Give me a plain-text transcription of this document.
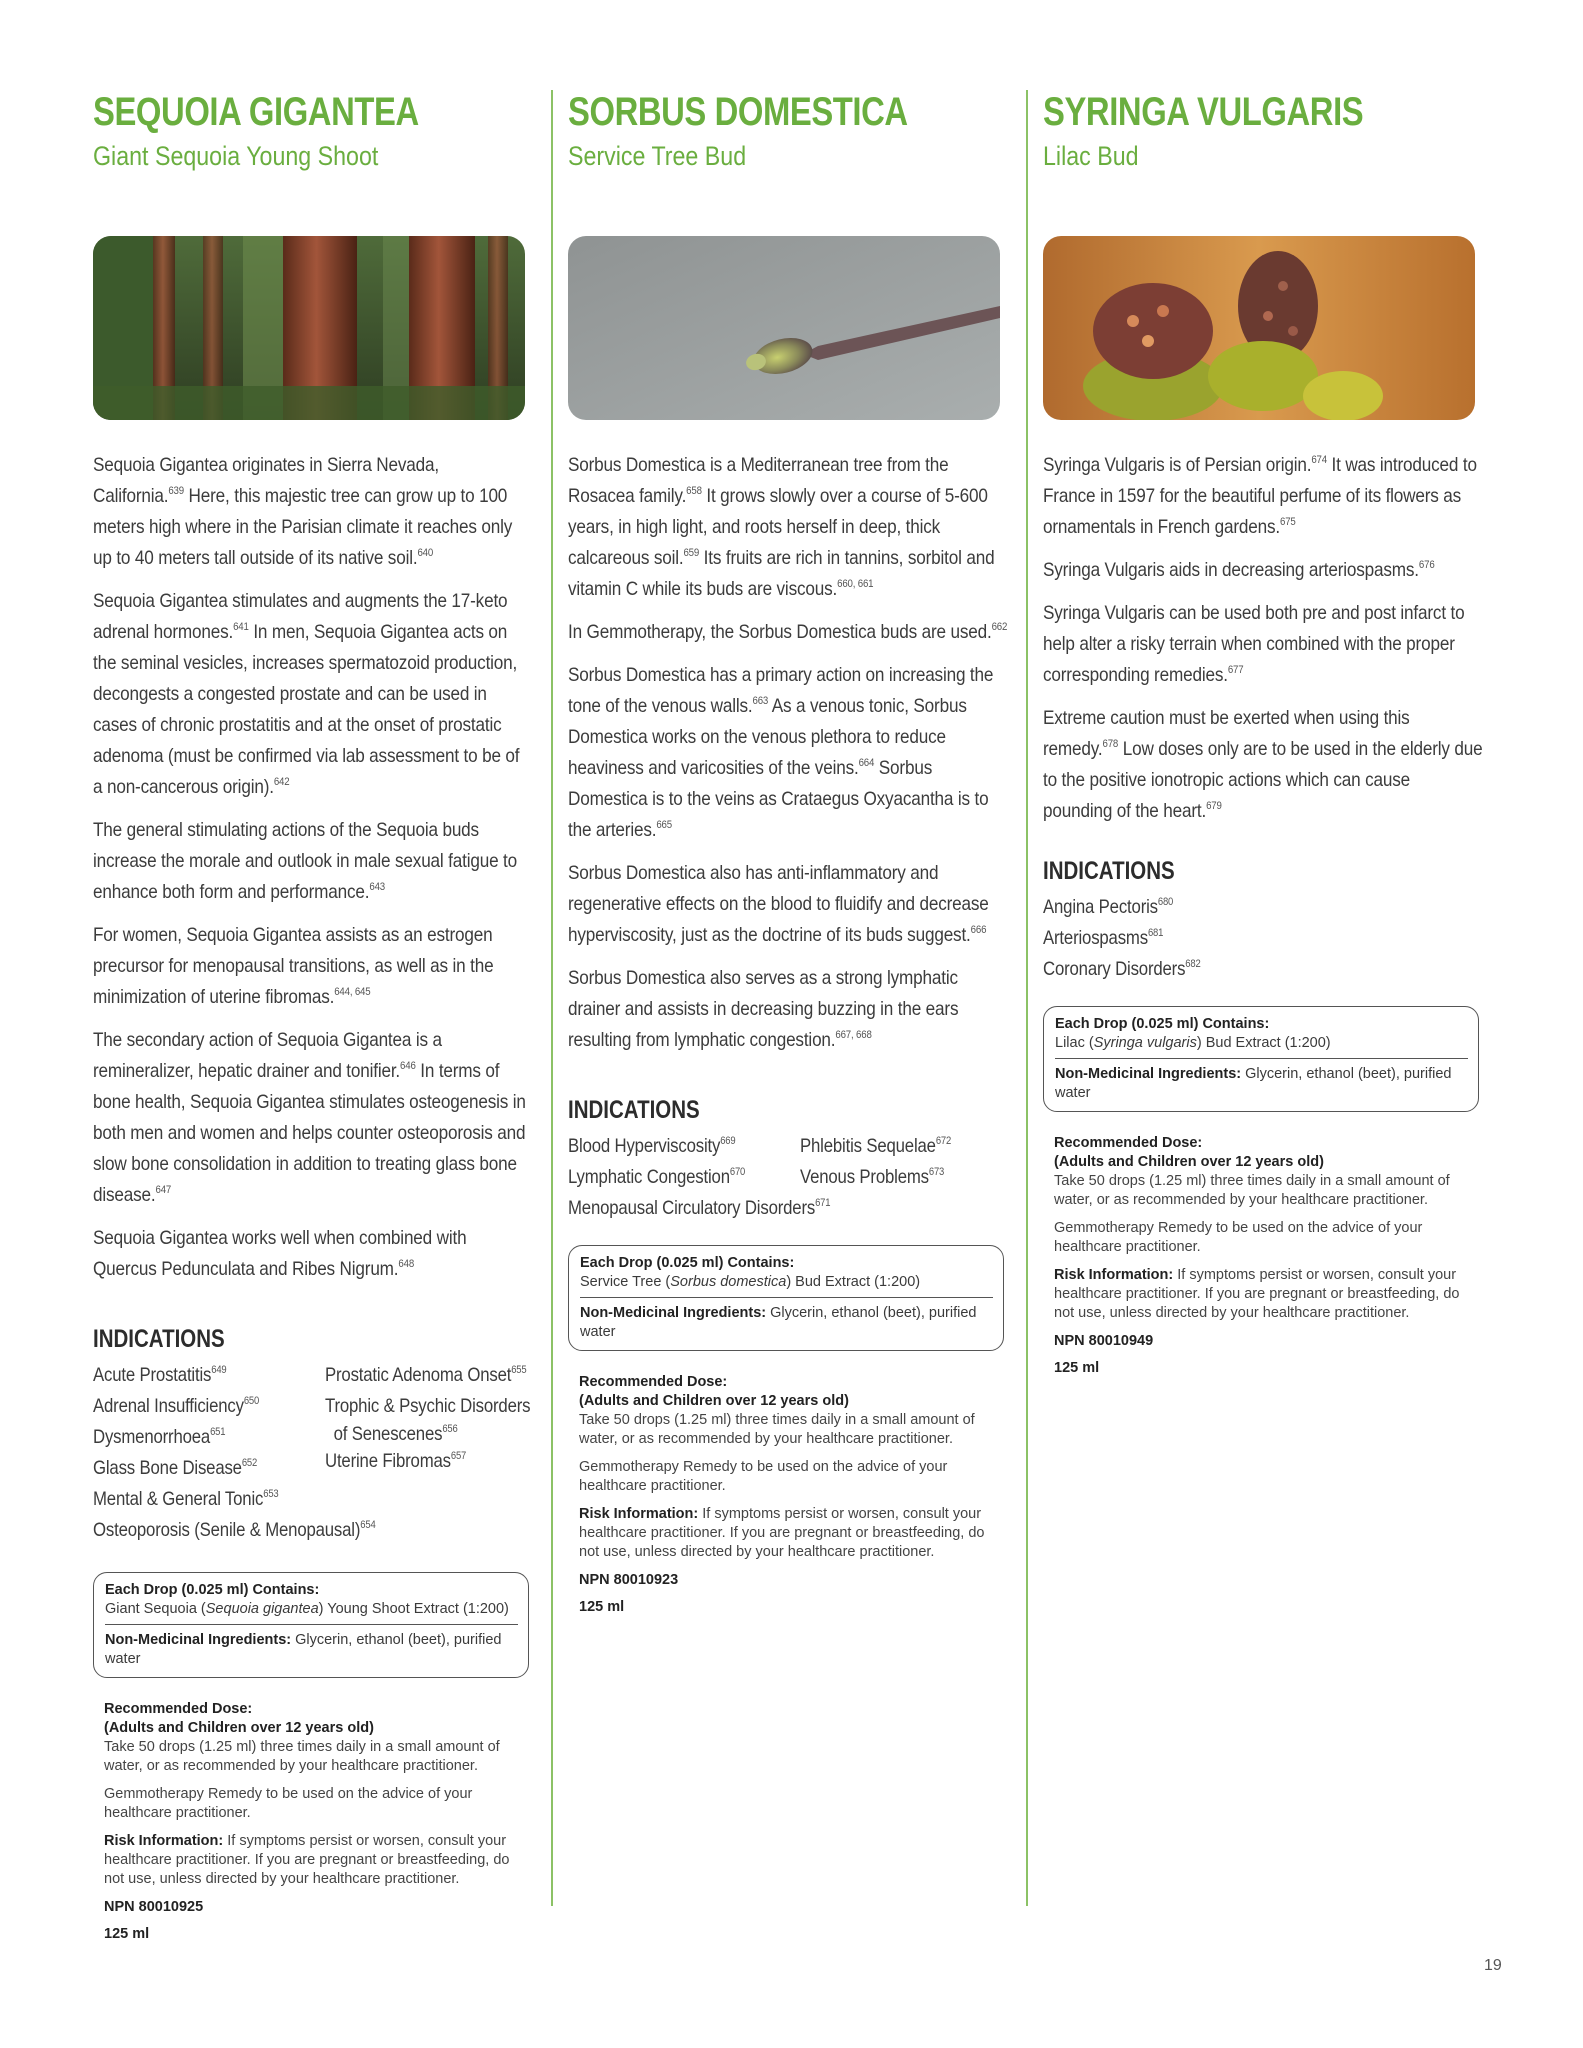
SEQUOIA GIGANTEA
Giant Sequoia Young Shoot

Sequoia Gigantea originates in Sierra Nevada, California.$^{639}$ Here, this majestic tree can grow up to 100 meters high where in the Parisian climate it reaches only up to 40 meters tall outside of its native soil.$^{640}$

Sequoia Gigantea stimulates and augments the 17-keto adrenal hormones.$^{641}$ In men, Sequoia Gigantea acts on the seminal vesicles, increases spermatozoid production, decongests a congested prostate and can be used in cases of chronic prostatitis and at the onset of prostatic adenoma (must be confirmed via lab assessment to be of a non-cancerous origin).$^{642}$

The general stimulating actions of the Sequoia buds increase the morale and outlook in male sexual fatigue to enhance both form and performance.$^{643}$

For women, Sequoia Gigantea assists as an estrogen precursor for menopausal transitions, as well as in the minimization of uterine fibromas.$^{644, 645}$

The secondary action of Sequoia Gigantea is a remineralizer, hepatic drainer and tonifier.$^{646}$ In terms of bone health, Sequoia Gigantea stimulates osteogenesis in both men and women and helps counter osteoporosis and slow bone consolidation in addition to treating glass bone disease.$^{647}$

Sequoia Gigantea works well when combined with Quercus Pedunculata and Ribes Nigrum.$^{648}$

INDICATIONS
Acute Prostatitis$^{649}$
Adrenal Insufficiency$^{650}$
Dysmenorrhoea$^{651}$
Glass Bone Disease$^{652}$
Mental & General Tonic$^{653}$
Osteoporosis (Senile & Menopausal)$^{654}$
Prostatic Adenoma Onset$^{655}$
Trophic & Psychic Disorders
of Senescenes$^{656}$
Uterine Fibromas$^{657}$
Each Drop (0.025 ml) Contains:
Giant Sequoia (Sequoia gigantea) Young Shoot Extract (1:200)
Non-Medicinal Ingredients: Glycerin, ethanol (beet), purified water

Recommended Dose:
(Adults and Children over 12 years old)
Take 50 drops (1.25 ml) three times daily in a small amount of water, or as recommended by your healthcare practitioner.

Gemmotherapy Remedy to be used on the advice of your healthcare practitioner.

Risk Information: If symptoms persist or worsen, consult your healthcare practitioner. If you are pregnant or breastfeeding, do not use, unless directed by your healthcare practitioner.

NPN 80010925
125 ml
SORBUS DOMESTICA
Service Tree Bud

Sorbus Domestica is a Mediterranean tree from the Rosacea family.$^{658}$ It grows slowly over a course of 5-600 years, in high light, and roots herself in deep, thick calcareous soil.$^{659}$ Its fruits are rich in tannins, sorbitol and vitamin C while its buds are viscous.$^{660, 661}$

In Gemmotherapy, the Sorbus Domestica buds are used.$^{662}$

Sorbus Domestica has a primary action on increasing the tone of the venous walls.$^{663}$ As a venous tonic, Sorbus Domestica works on the venous plethora to reduce heaviness and varicosities of the veins.$^{664}$ Sorbus Domestica is to the veins as Crataegus Oxyacantha is to the arteries.$^{665}$

Sorbus Domestica also has anti-inflammatory and regenerative effects on the blood to fluidify and decrease hyperviscosity, just as the doctrine of its buds suggest.$^{666}$

Sorbus Domestica also serves as a strong lymphatic drainer and assists in decreasing buzzing in the ears resulting from lymphatic congestion.$^{667, 668}$

INDICATIONS
Blood Hyperviscosity$^{669}$
Lymphatic Congestion$^{670}$
Menopausal Circulatory Disorders$^{671}$
Phlebitis Sequelae$^{672}$
Venous Problems$^{673}$
Each Drop (0.025 ml) Contains:
Service Tree (Sorbus domestica) Bud Extract (1:200)
Non-Medicinal Ingredients: Glycerin, ethanol (beet), purified water

Recommended Dose:
(Adults and Children over 12 years old)
Take 50 drops (1.25 ml) three times daily in a small amount of water, or as recommended by your healthcare practitioner.

Gemmotherapy Remedy to be used on the advice of your healthcare practitioner.

Risk Information: If symptoms persist or worsen, consult your healthcare practitioner. If you are pregnant or breastfeeding, do not use, unless directed by your healthcare practitioner.

NPN 80010923
125 ml
SYRINGA VULGARIS
Lilac Bud

Syringa Vulgaris is of Persian origin.$^{674}$ It was introduced to France in 1597 for the beautiful perfume of its flowers as ornamentals in French gardens.$^{675}$

Syringa Vulgaris aids in decreasing arteriospasms.$^{676}$

Syringa Vulgaris can be used both pre and post infarct to help alter a risky terrain when combined with the proper corresponding remedies.$^{677}$

Extreme caution must be exerted when using this remedy.$^{678}$ Low doses only are to be used in the elderly due to the positive ionotropic actions which can cause pounding of the heart.$^{679}$

INDICATIONS
Angina Pectoris$^{680}$
Arteriospasms$^{681}$
Coronary Disorders$^{682}$
Each Drop (0.025 ml) Contains:
Lilac (Syringa vulgaris) Bud Extract (1:200)
Non-Medicinal Ingredients: Glycerin, ethanol (beet), purified water

Recommended Dose:
(Adults and Children over 12 years old)
Take 50 drops (1.25 ml) three times daily in a small amount of water, or as recommended by your healthcare practitioner.

Gemmotherapy Remedy to be used on the advice of your healthcare practitioner.

Risk Information: If symptoms persist or worsen, consult your healthcare practitioner. If you are pregnant or breastfeeding, do not use, unless directed by your healthcare practitioner.

NPN 80010949
125 ml
19
